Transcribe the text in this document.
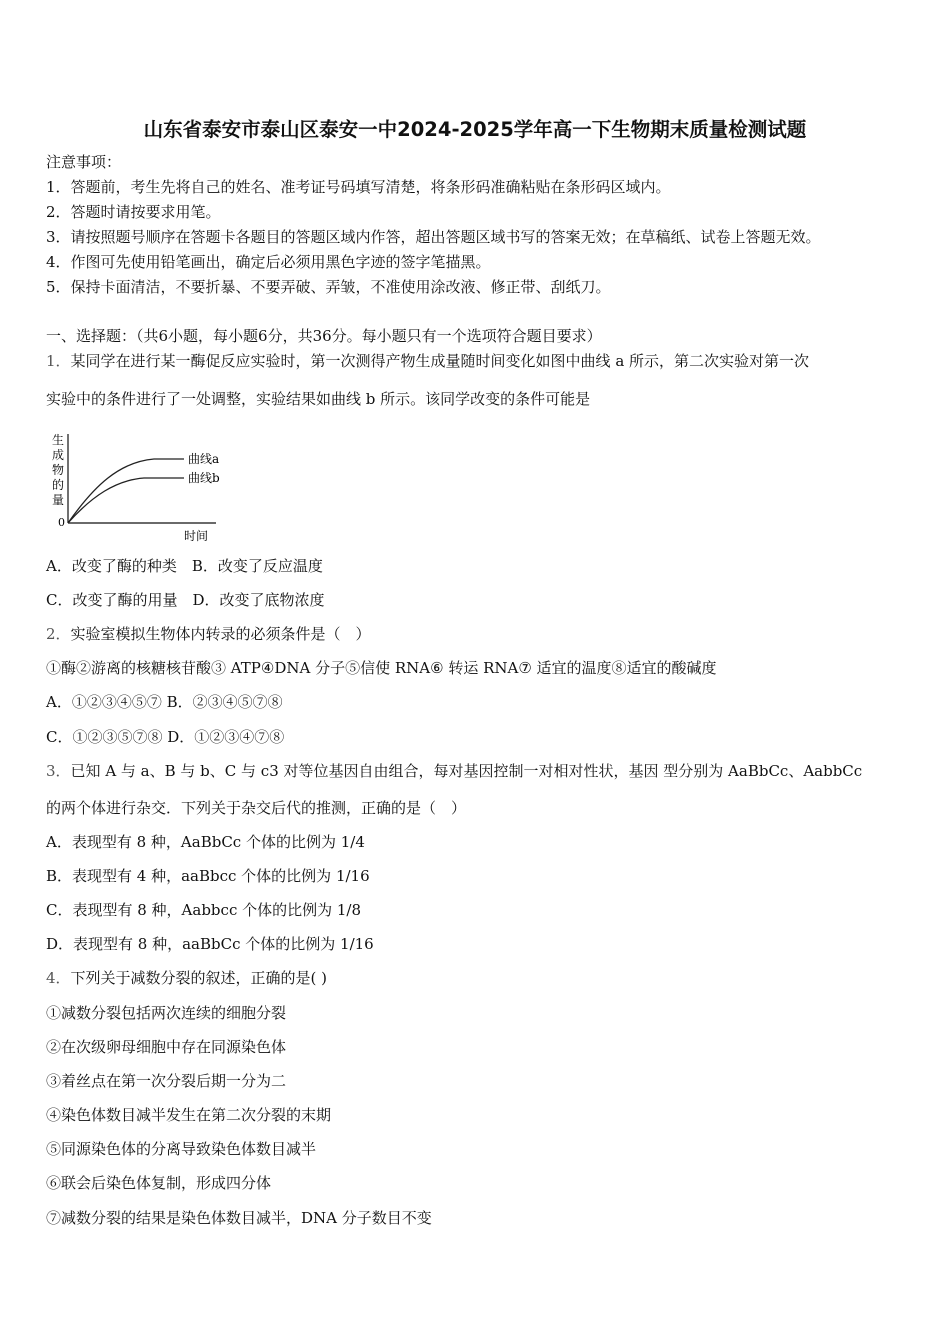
山东省泰安市泰山区泰安一中2024-2025学年高一下生物期末质量检测试题
注意事项：
1．答题前，考生先将自己的姓名、准考证号码填写清楚，将条形码准确粘贴在条形码区域内。
2．答题时请按要求用笔。
3．请按照题号顺序在答题卡各题目的答题区域内作答，超出答题区域书写的答案无效；在草稿纸、试卷上答题无效。
4．作图可先使用铅笔画出，确定后必须用黑色字迹的签字笔描黑。
5．保持卡面清洁，不要折暴、不要弄破、弄皱，不准使用涂改液、修正带、刮纸刀。
一、选择题：（共6小题，每小题6分，共36分。每小题只有一个选项符合题目要求）
1．某同学在进行某一酶促反应实验时，第一次测得产物生成量随时间变化如图中曲线 a 所示，第二次实验对第一次
实验中的条件进行了一处调整，实验结果如曲线 b 所示。该同学改变的条件可能是
生
成
物
的
量
0
曲线a
曲线b
时间
A．改变了酶的种类　B．改变了反应温度
C．改变了酶的用量　D．改变了底物浓度
2．实验室模拟生物体内转录的必须条件是（　）
①酶②游离的核糖核苷酸③ ATP④DNA 分子⑤信使 RNA⑥ 转运 RNA⑦ 适宜的温度⑧适宜的酸碱度
A．①②③④⑤⑦ B．②③④⑤⑦⑧
C．①②③⑤⑦⑧ D．①②③④⑦⑧
3．已知 A 与 a、B 与 b、C 与 c3 对等位基因自由组合，每对基因控制一对相对性状，基因 型分别为 AaBbCc、AabbCc
的两个体进行杂交．下列关于杂交后代的推测，正确的是（　）
A．表现型有 8 种，AaBbCc 个体的比例为 1/4
B．表现型有 4 种，aaBbcc 个体的比例为 1/16
C．表现型有 8 种，Aabbcc 个体的比例为 1/8
D．表现型有 8 种，aaBbCc 个体的比例为 1/16
4．下列关于减数分裂的叙述，正确的是( )
①减数分裂包括两次连续的细胞分裂
②在次级卵母细胞中存在同源染色体
③着丝点在第一次分裂后期一分为二
④染色体数目减半发生在第二次分裂的末期
⑤同源染色体的分离导致染色体数目减半
⑥联会后染色体复制，形成四分体
⑦减数分裂的结果是染色体数目减半，DNA 分子数目不变
